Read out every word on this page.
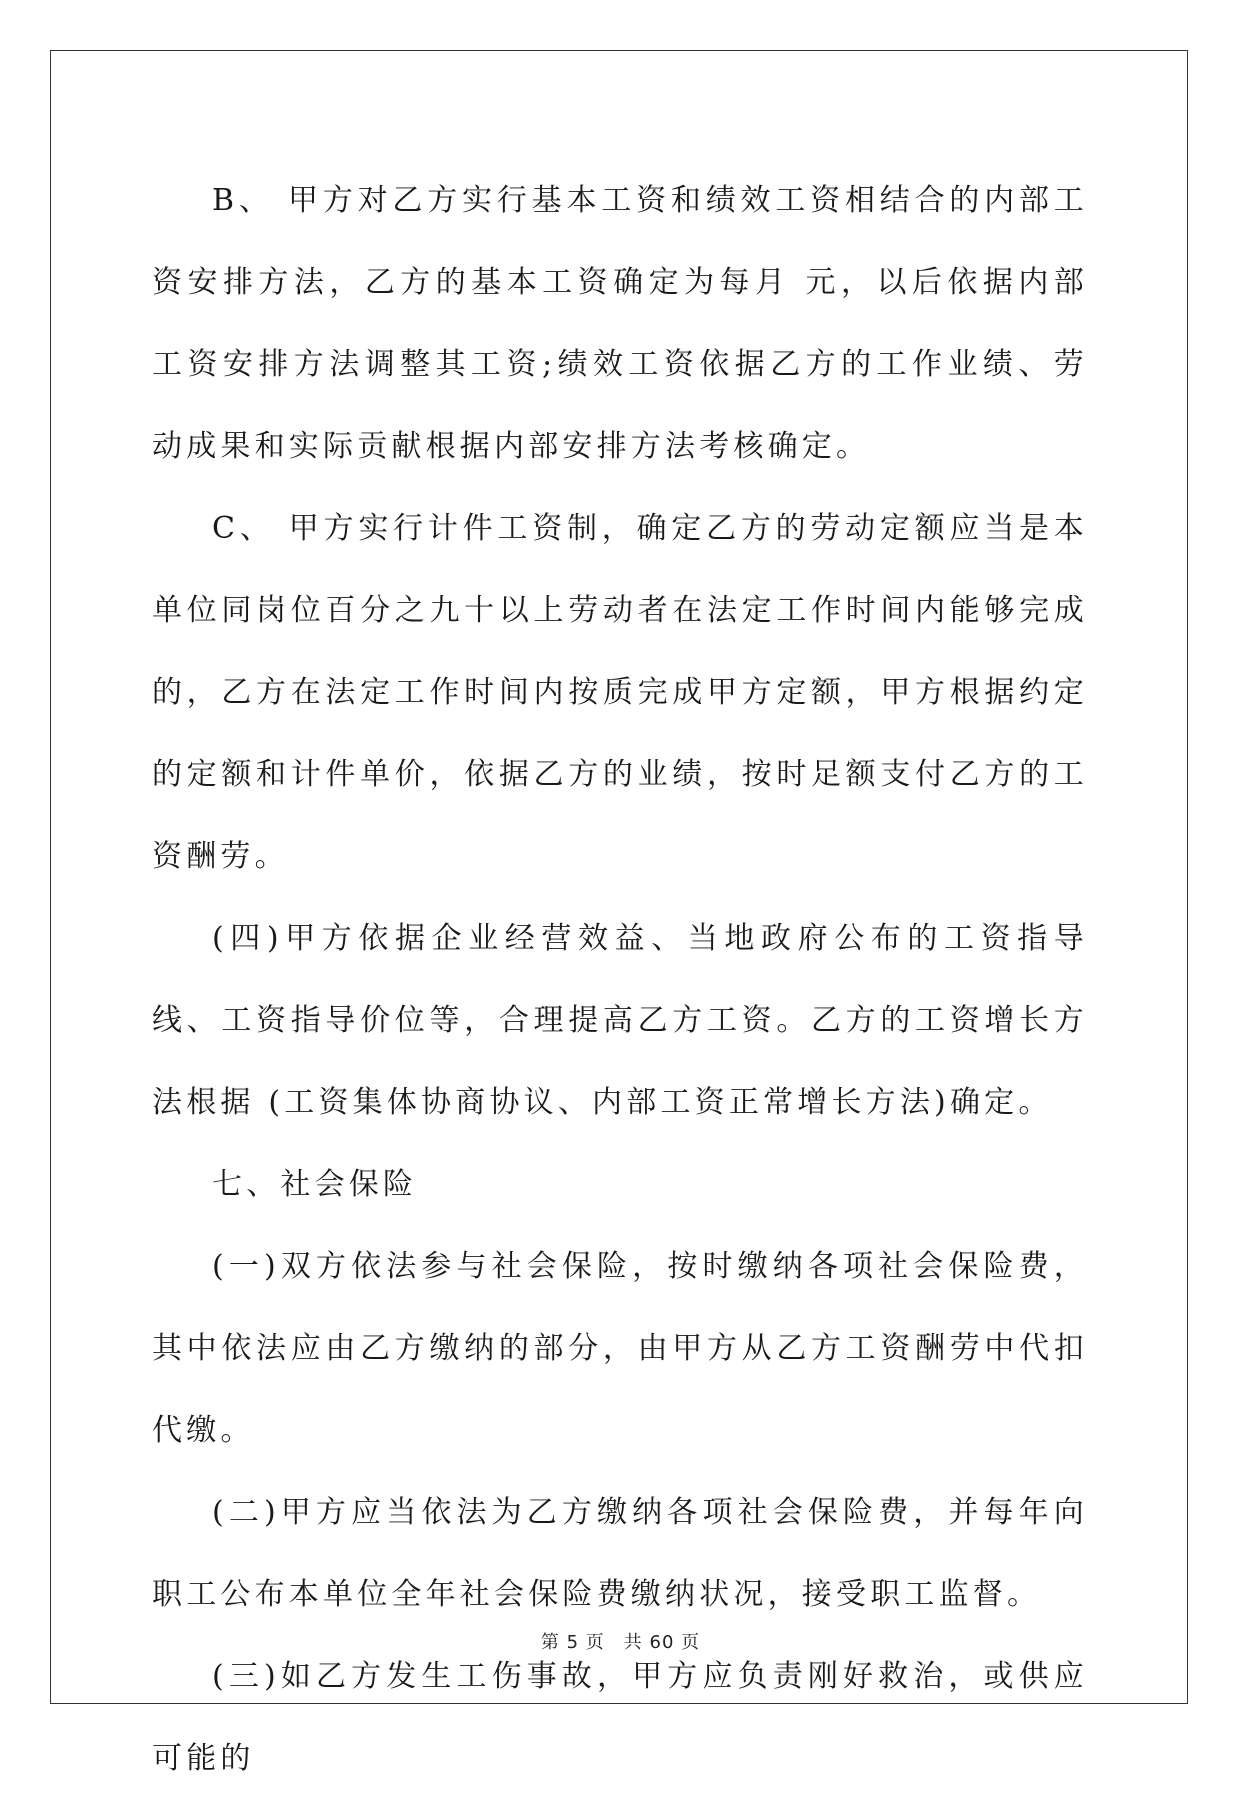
B、 甲方对乙方实行基本工资和绩效工资相结合的内部工资安排方法，乙方的基本工资确定为每月 元，以后依据内部工资安排方法调整其工资;绩效工资依据乙方的工作业绩、劳动成果和实际贡献根据内部安排方法考核确定。

C、 甲方实行计件工资制，确定乙方的劳动定额应当是本单位同岗位百分之九十以上劳动者在法定工作时间内能够完成的，乙方在法定工作时间内按质完成甲方定额，甲方根据约定的定额和计件单价，依据乙方的业绩，按时足额支付乙方的工资酬劳。

(四)甲方依据企业经营效益、当地政府公布的工资指导线、工资指导价位等，合理提高乙方工资。乙方的工资增长方法根据 (工资集体协商协议、内部工资正常增长方法)确定。

七、社会保险

(一)双方依法参与社会保险，按时缴纳各项社会保险费，其中依法应由乙方缴纳的部分，由甲方从乙方工资酬劳中代扣代缴。

(二)甲方应当依法为乙方缴纳各项社会保险费，并每年向职工公布本单位全年社会保险费缴纳状况，接受职工监督。

(三)如乙方发生工伤事故，甲方应负责刚好救治，或供应可能的

第 5 页　共 60 页
